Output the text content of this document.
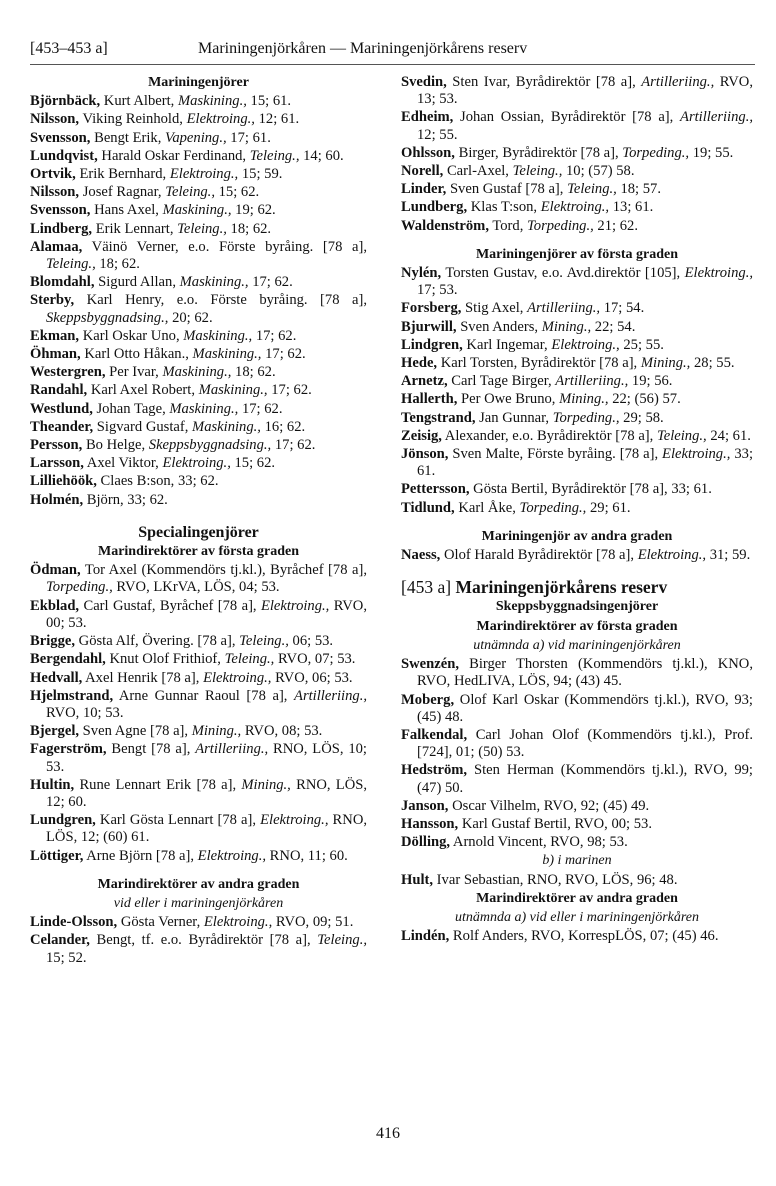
[453–453 a]	Mariningenjörkåren — Mariningenjörkårens reserv
Mariningenjörer
Björnbäck, Kurt Albert, Maskining., 15; 61.
Nilsson, Viking Reinhold, Elektroing., 12; 61.
Svensson, Bengt Erik, Vapening., 17; 61.
Lundqvist, Harald Oskar Ferdinand, Teleing., 14; 60.
Ortvik, Erik Bernhard, Elektroing., 15; 59.
Nilsson, Josef Ragnar, Teleing., 15; 62.
Svensson, Hans Axel, Maskining., 19; 62.
Lindberg, Erik Lennart, Teleing., 18; 62.
Alamaa, Väinö Verner, e.o. Förste byråing. [78 a], Teleing., 18; 62.
Blomdahl, Sigurd Allan, Maskining., 17; 62.
Sterby, Karl Henry, e.o. Förste byråing. [78 a], Skeppsbyggnadsing., 20; 62.
Ekman, Karl Oskar Uno, Maskining., 17; 62.
Öhman, Karl Otto Håkan., Maskining., 17; 62.
Westergren, Per Ivar, Maskining., 18; 62.
Randahl, Karl Axel Robert, Maskining., 17; 62.
Westlund, Johan Tage, Maskining., 17; 62.
Theander, Sigvard Gustaf, Maskining., 16; 62.
Persson, Bo Helge, Skeppsbyggnadsing., 17; 62.
Larsson, Axel Viktor, Elektroing., 15; 62.
Lilliehöök, Claes B:son, 33; 62.
Holmén, Björn, 33; 62.
Specialingenjörer
Marindirektörer av första graden
Ödman, Tor Axel (Kommendörs tj.kl.), Byråchef [78 a], Torpeding., RVO, LKrVA, LÖS, 04; 53.
Ekblad, Carl Gustaf, Byråchef [78 a], Elektroing., RVO, 00; 53.
Brigge, Gösta Alf, Övering. [78 a], Teleing., 06; 53.
Bergendahl, Knut Olof Frithiof, Teleing., RVO, 07; 53.
Hedvall, Axel Henrik [78 a], Elektroing., RVO, 06; 53.
Hjelmstrand, Arne Gunnar Raoul [78 a], Artilleriing., RVO, 10; 53.
Bjergel, Sven Agne [78 a], Mining., RVO, 08; 53.
Fagerström, Bengt [78 a], Artilleriing., RNO, LÖS, 10; 53.
Hultin, Rune Lennart Erik [78 a], Mining., RNO, LÖS, 12; 60.
Lundgren, Karl Gösta Lennart [78 a], Elektroing., RNO, LÖS, 12; (60) 61.
Löttiger, Arne Björn [78 a], Elektroing., RNO, 11; 60.
Marindirektörer av andra graden
vid eller i mariningenjörkåren
Linde-Olsson, Gösta Verner, Elektroing., RVO, 09; 51.
Celander, Bengt, tf. e.o. Byrådirektör [78 a], Teleing., 15; 52.
Svedin, Sten Ivar, Byrådirektör [78 a], Artilleriing., RVO, 13; 53.
Edheim, Johan Ossian, Byrådirektör [78 a], Artilleriing., 12; 55.
Ohlsson, Birger, Byrådirektör [78 a], Torpeding., 19; 55.
Norell, Carl-Axel, Teleing., 10; (57) 58.
Linder, Sven Gustaf [78 a], Teleing., 18; 57.
Lundberg, Klas T:son, Elektroing., 13; 61.
Waldenström, Tord, Torpeding., 21; 62.
Mariningenjörer av första graden
Nylén, Torsten Gustav, e.o. Avd.direktör [105], Elektroing., 17; 53.
Forsberg, Stig Axel, Artilleriing., 17; 54.
Bjurwill, Sven Anders, Mining., 22; 54.
Lindgren, Karl Ingemar, Elektroing., 25; 55.
Hede, Karl Torsten, Byrådirektör [78 a], Mining., 28; 55.
Arnetz, Carl Tage Birger, Artilleriing., 19; 56.
Hallerth, Per Owe Bruno, Mining., 22; (56) 57.
Tengstrand, Jan Gunnar, Torpeding., 29; 58.
Zeisig, Alexander, e.o. Byrådirektör [78 a], Teleing., 24; 61.
Jönson, Sven Malte, Förste byråing. [78 a], Elektroing., 33; 61.
Pettersson, Gösta Bertil, Byrådirektör [78 a], 33; 61.
Tidlund, Karl Åke, Torpeding., 29; 61.
Mariningenjör av andra graden
Naess, Olof Harald Byrådirektör [78 a], Elektroing., 31; 59.
[453 a] Mariningenjörkårens reserv
Skeppsbyggnadsingenjörer
Marindirektörer av första graden
utnämnda a) vid mariningenjörkåren
Swenzén, Birger Thorsten (Kommendörs tj.kl.), KNO, RVO, HedLIVA, LÖS, 94; (43) 45.
Moberg, Olof Karl Oskar (Kommendörs tj.kl.), RVO, 93; (45) 48.
Falkendal, Carl Johan Olof (Kommendörs tj.kl.), Prof. [724], 01; (50) 53.
Hedström, Sten Herman (Kommendörs tj.kl.), RVO, 99; (47) 50.
Janson, Oscar Vilhelm, RVO, 92; (45) 49.
Hansson, Karl Gustaf Bertil, RVO, 00; 53.
Dölling, Arnold Vincent, RVO, 98; 53.
b) i marinen
Hult, Ivar Sebastian, RNO, RVO, LÖS, 96; 48.
Marindirektörer av andra graden
utnämnda a) vid eller i mariningenjörkåren
Lindén, Rolf Anders, RVO, KorrespLÖS, 07; (45) 46.
416
